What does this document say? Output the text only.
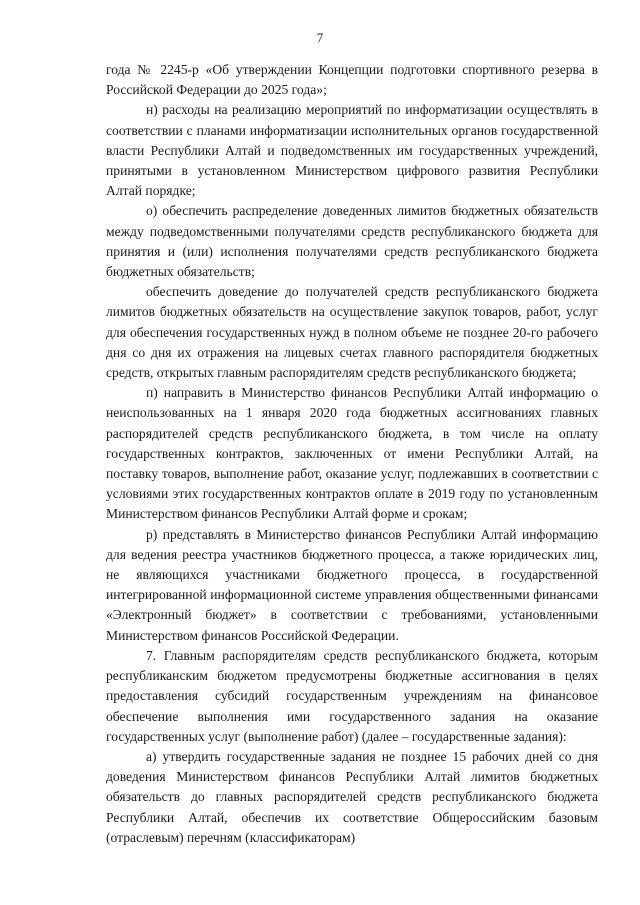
7

года № 2245-р «Об утверждении Концепции подготовки спортивного резерва в Российской Федерации до 2025 года»;

н) расходы на реализацию мероприятий по информатизации осуществлять в соответствии с планами информатизации исполнительных органов государственной власти Республики Алтай и подведомственных им государственных учреждений, принятыми в установленном Министерством цифрового развития Республики Алтай порядке;

о) обеспечить распределение доведенных лимитов бюджетных обязательств между подведомственными получателями средств республиканского бюджета для принятия и (или) исполнения получателями средств республиканского бюджета бюджетных обязательств;

обеспечить доведение до получателей средств республиканского бюджета лимитов бюджетных обязательств на осуществление закупок товаров, работ, услуг для обеспечения государственных нужд в полном объеме не позднее 20-го рабочего дня со дня их отражения на лицевых счетах главного распорядителя бюджетных средств, открытых главным распорядителям средств республиканского бюджета;

п) направить в Министерство финансов Республики Алтай информацию о неиспользованных на 1 января 2020 года бюджетных ассигнованиях главных распорядителей средств республиканского бюджета, в том числе на оплату государственных контрактов, заключенных от имени Республики Алтай, на поставку товаров, выполнение работ, оказание услуг, подлежавших в соответствии с условиями этих государственных контрактов оплате в 2019 году по установленным Министерством финансов Республики Алтай форме и срокам;

р) представлять в Министерство финансов Республики Алтай информацию для ведения реестра участников бюджетного процесса, а также юридических лиц, не являющихся участниками бюджетного процесса, в государственной интегрированной информационной системе управления общественными финансами «Электронный бюджет» в соответствии с требованиями, установленными Министерством финансов Российской Федерации.

7. Главным распорядителям средств республиканского бюджета, которым республиканским бюджетом предусмотрены бюджетные ассигнования в целях предоставления субсидий государственным учреждениям на финансовое обеспечение выполнения ими государственного задания на оказание государственных услуг (выполнение работ) (далее – государственные задания):

а) утвердить государственные задания не позднее 15 рабочих дней со дня доведения Министерством финансов Республики Алтай лимитов бюджетных обязательств до главных распорядителей средств республиканского бюджета Республики Алтай, обеспечив их соответствие Общероссийским базовым (отраслевым) перечням (классификаторам)
